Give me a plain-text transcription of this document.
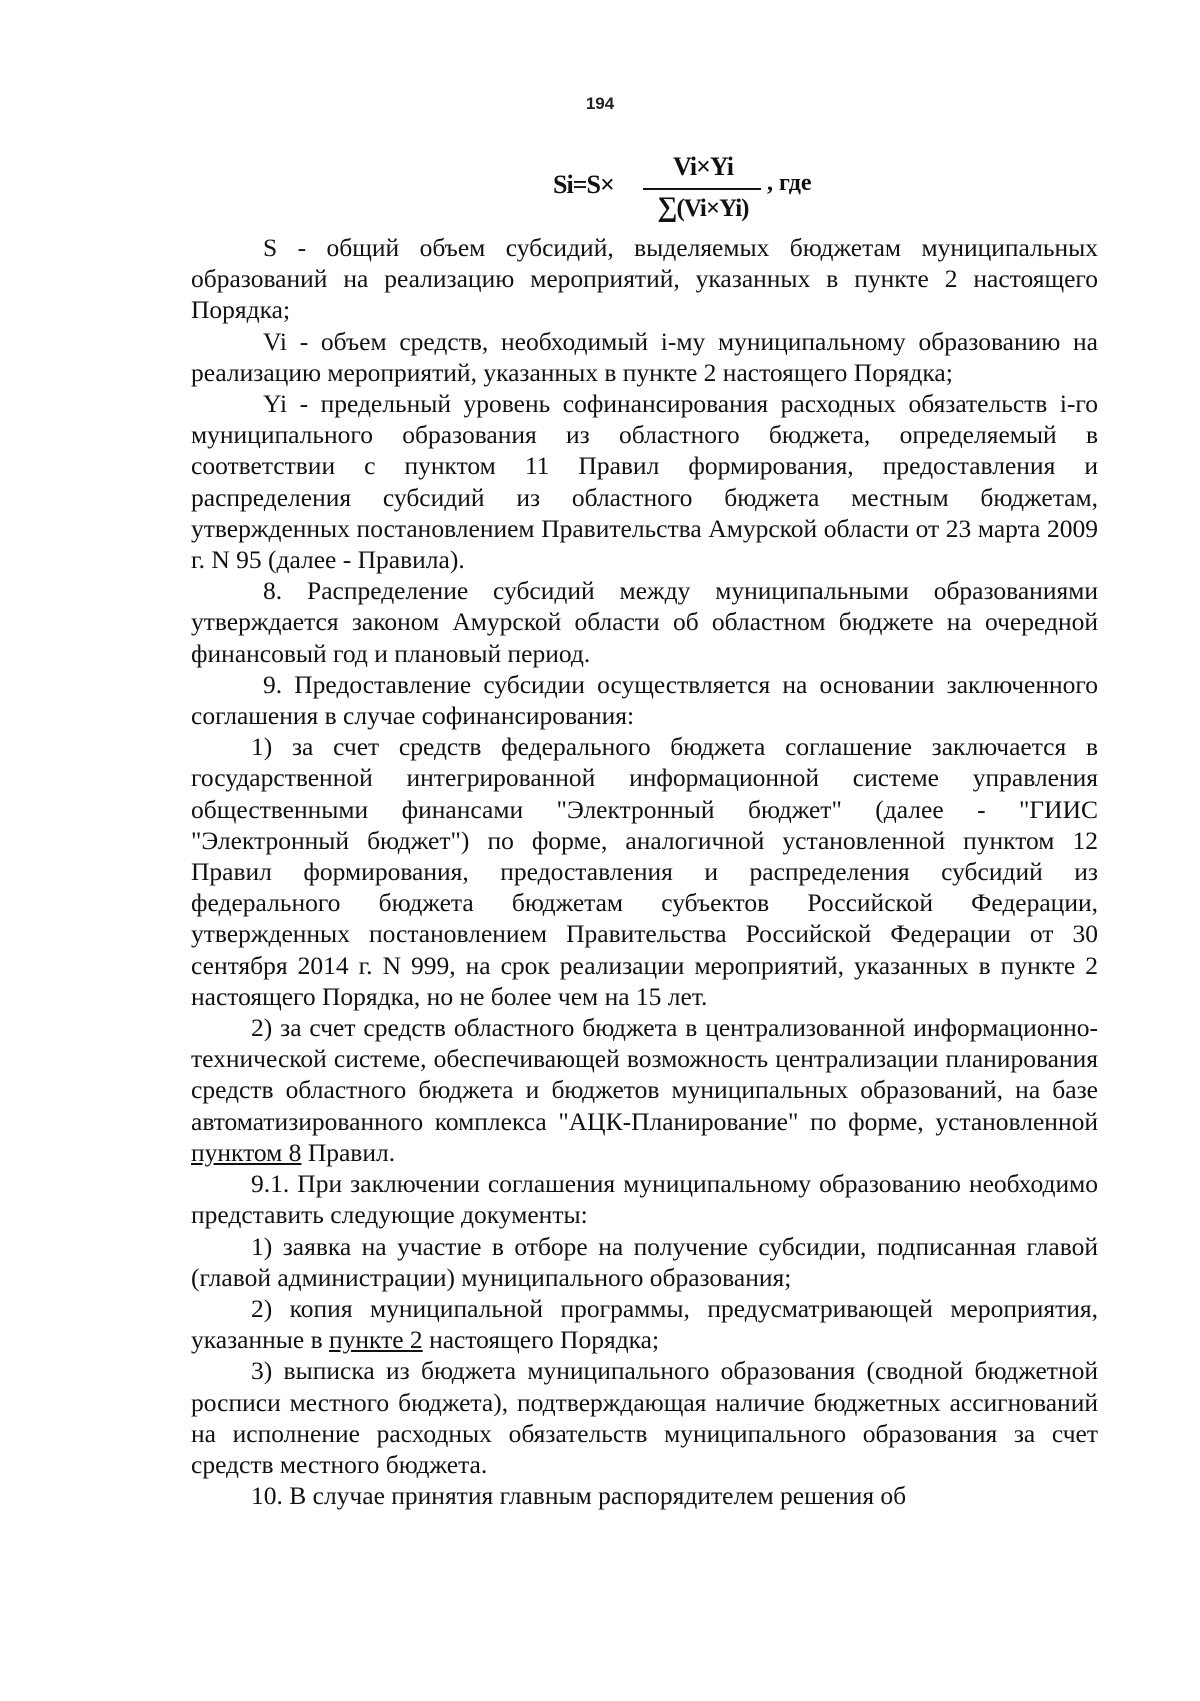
194
Si=S×
Vi×Yi
∑(Vi×Yi)
, где

S - общий объем субсидий, выделяемых бюджетам муниципальных образований на реализацию мероприятий, указанных в пункте 2 настоящего Порядка;

Vi - объем средств, необходимый i-му муниципальному образованию на реализацию мероприятий, указанных в пункте 2 настоящего Порядка;

Yi - предельный уровень софинансирования расходных обязательств i-го муниципального образования из областного бюджета, определяемый в соответствии с пунктом 11 Правил формирования, предоставления и распределения субсидий из областного бюджета местным бюджетам, утвержденных постановлением Правительства Амурской области от 23 марта 2009 г. N 95 (далее - Правила).

8. Распределение субсидий между муниципальными образованиями утверждается законом Амурской области об областном бюджете на очередной финансовый год и плановый период.

9. Предоставление субсидии осуществляется на основании заключенного соглашения в случае софинансирования:

1) за счет средств федерального бюджета соглашение заключается в государственной интегрированной информационной системе управления общественными финансами "Электронный бюджет" (далее - "ГИИС "Электронный бюджет") по форме, аналогичной установленной пунктом 12 Правил формирования, предоставления и распределения субсидий из федерального бюджета бюджетам субъектов Российской Федерации, утвержденных постановлением Правительства Российской Федерации от 30 сентября 2014 г. N 999, на срок реализации мероприятий, указанных в пункте 2 настоящего Порядка, но не более чем на 15 лет.

2) за счет средств областного бюджета в централизованной информационно-технической системе, обеспечивающей возможность централизации планирования средств областного бюджета и бюджетов муниципальных образований, на базе автоматизированного комплекса "АЦК-Планирование" по форме, установленной пунктом 8 Правил.

9.1. При заключении соглашения муниципальному образованию необходимо представить следующие документы:

1) заявка на участие в отборе на получение субсидии, подписанная главой (главой администрации) муниципального образования;

2) копия муниципальной программы, предусматривающей мероприятия, указанные в пункте 2 настоящего Порядка;

3) выписка из бюджета муниципального образования (сводной бюджетной росписи местного бюджета), подтверждающая наличие бюджетных ассигнований на исполнение расходных обязательств муниципального образования за счет средств местного бюджета.

10. В случае принятия главным распорядителем решения об
